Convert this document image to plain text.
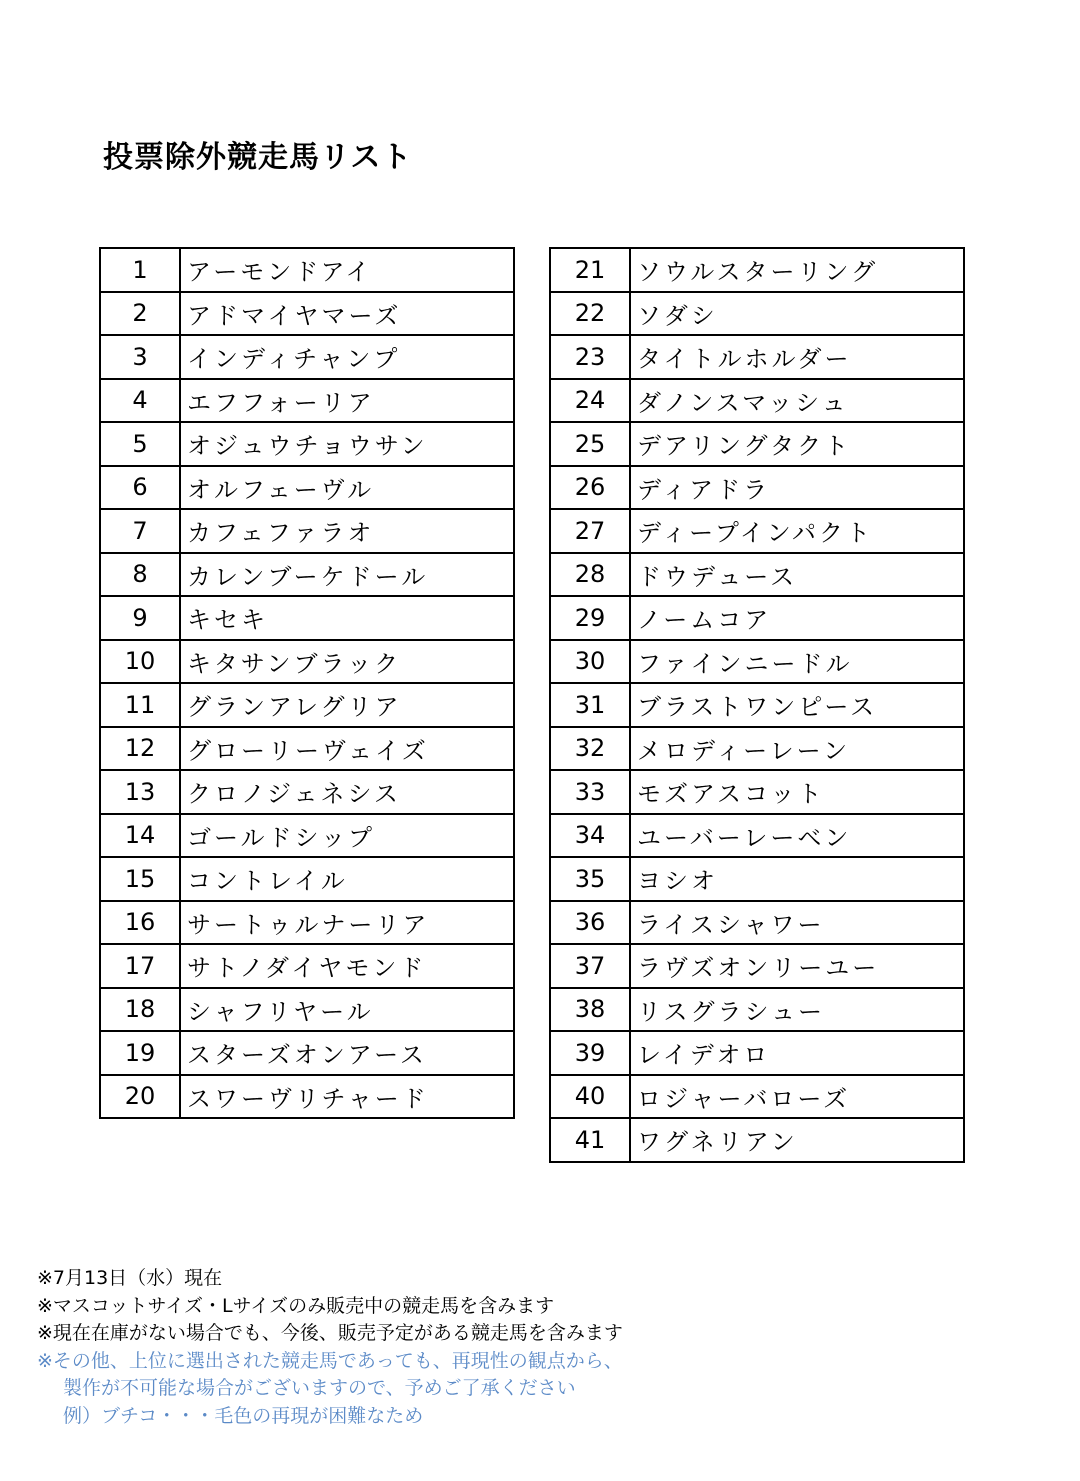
投票除外競走馬リスト
1	アーモンドアイ
2	アドマイヤマーズ
3	インディチャンプ
4	エフフォーリア
5	オジュウチョウサン
6	オルフェーヴル
7	カフェファラオ
8	カレンブーケドール
9	キセキ
10	キタサンブラック
11	グランアレグリア
12	グローリーヴェイズ
13	クロノジェネシス
14	ゴールドシップ
15	コントレイル
16	サートゥルナーリア
17	サトノダイヤモンド
18	シャフリヤール
19	スターズオンアース
20	スワーヴリチャード
21	ソウルスターリング
22	ソダシ
23	タイトルホルダー
24	ダノンスマッシュ
25	デアリングタクト
26	ディアドラ
27	ディープインパクト
28	ドウデュース
29	ノームコア
30	ファインニードル
31	ブラストワンピース
32	メロディーレーン
33	モズアスコット
34	ユーバーレーベン
35	ヨシオ
36	ライスシャワー
37	ラヴズオンリーユー
38	リスグラシュー
39	レイデオロ
40	ロジャーバローズ
41	ワグネリアン
※7月13日（水）現在
※マスコットサイズ・Lサイズのみ販売中の競走馬を含みます
※現在在庫がない場合でも、今後、販売予定がある競走馬を含みます
※その他、上位に選出された競走馬であっても、再現性の観点から、
製作が不可能な場合がございますので、予めご了承ください
例）ブチコ・・・毛色の再現が困難なため
